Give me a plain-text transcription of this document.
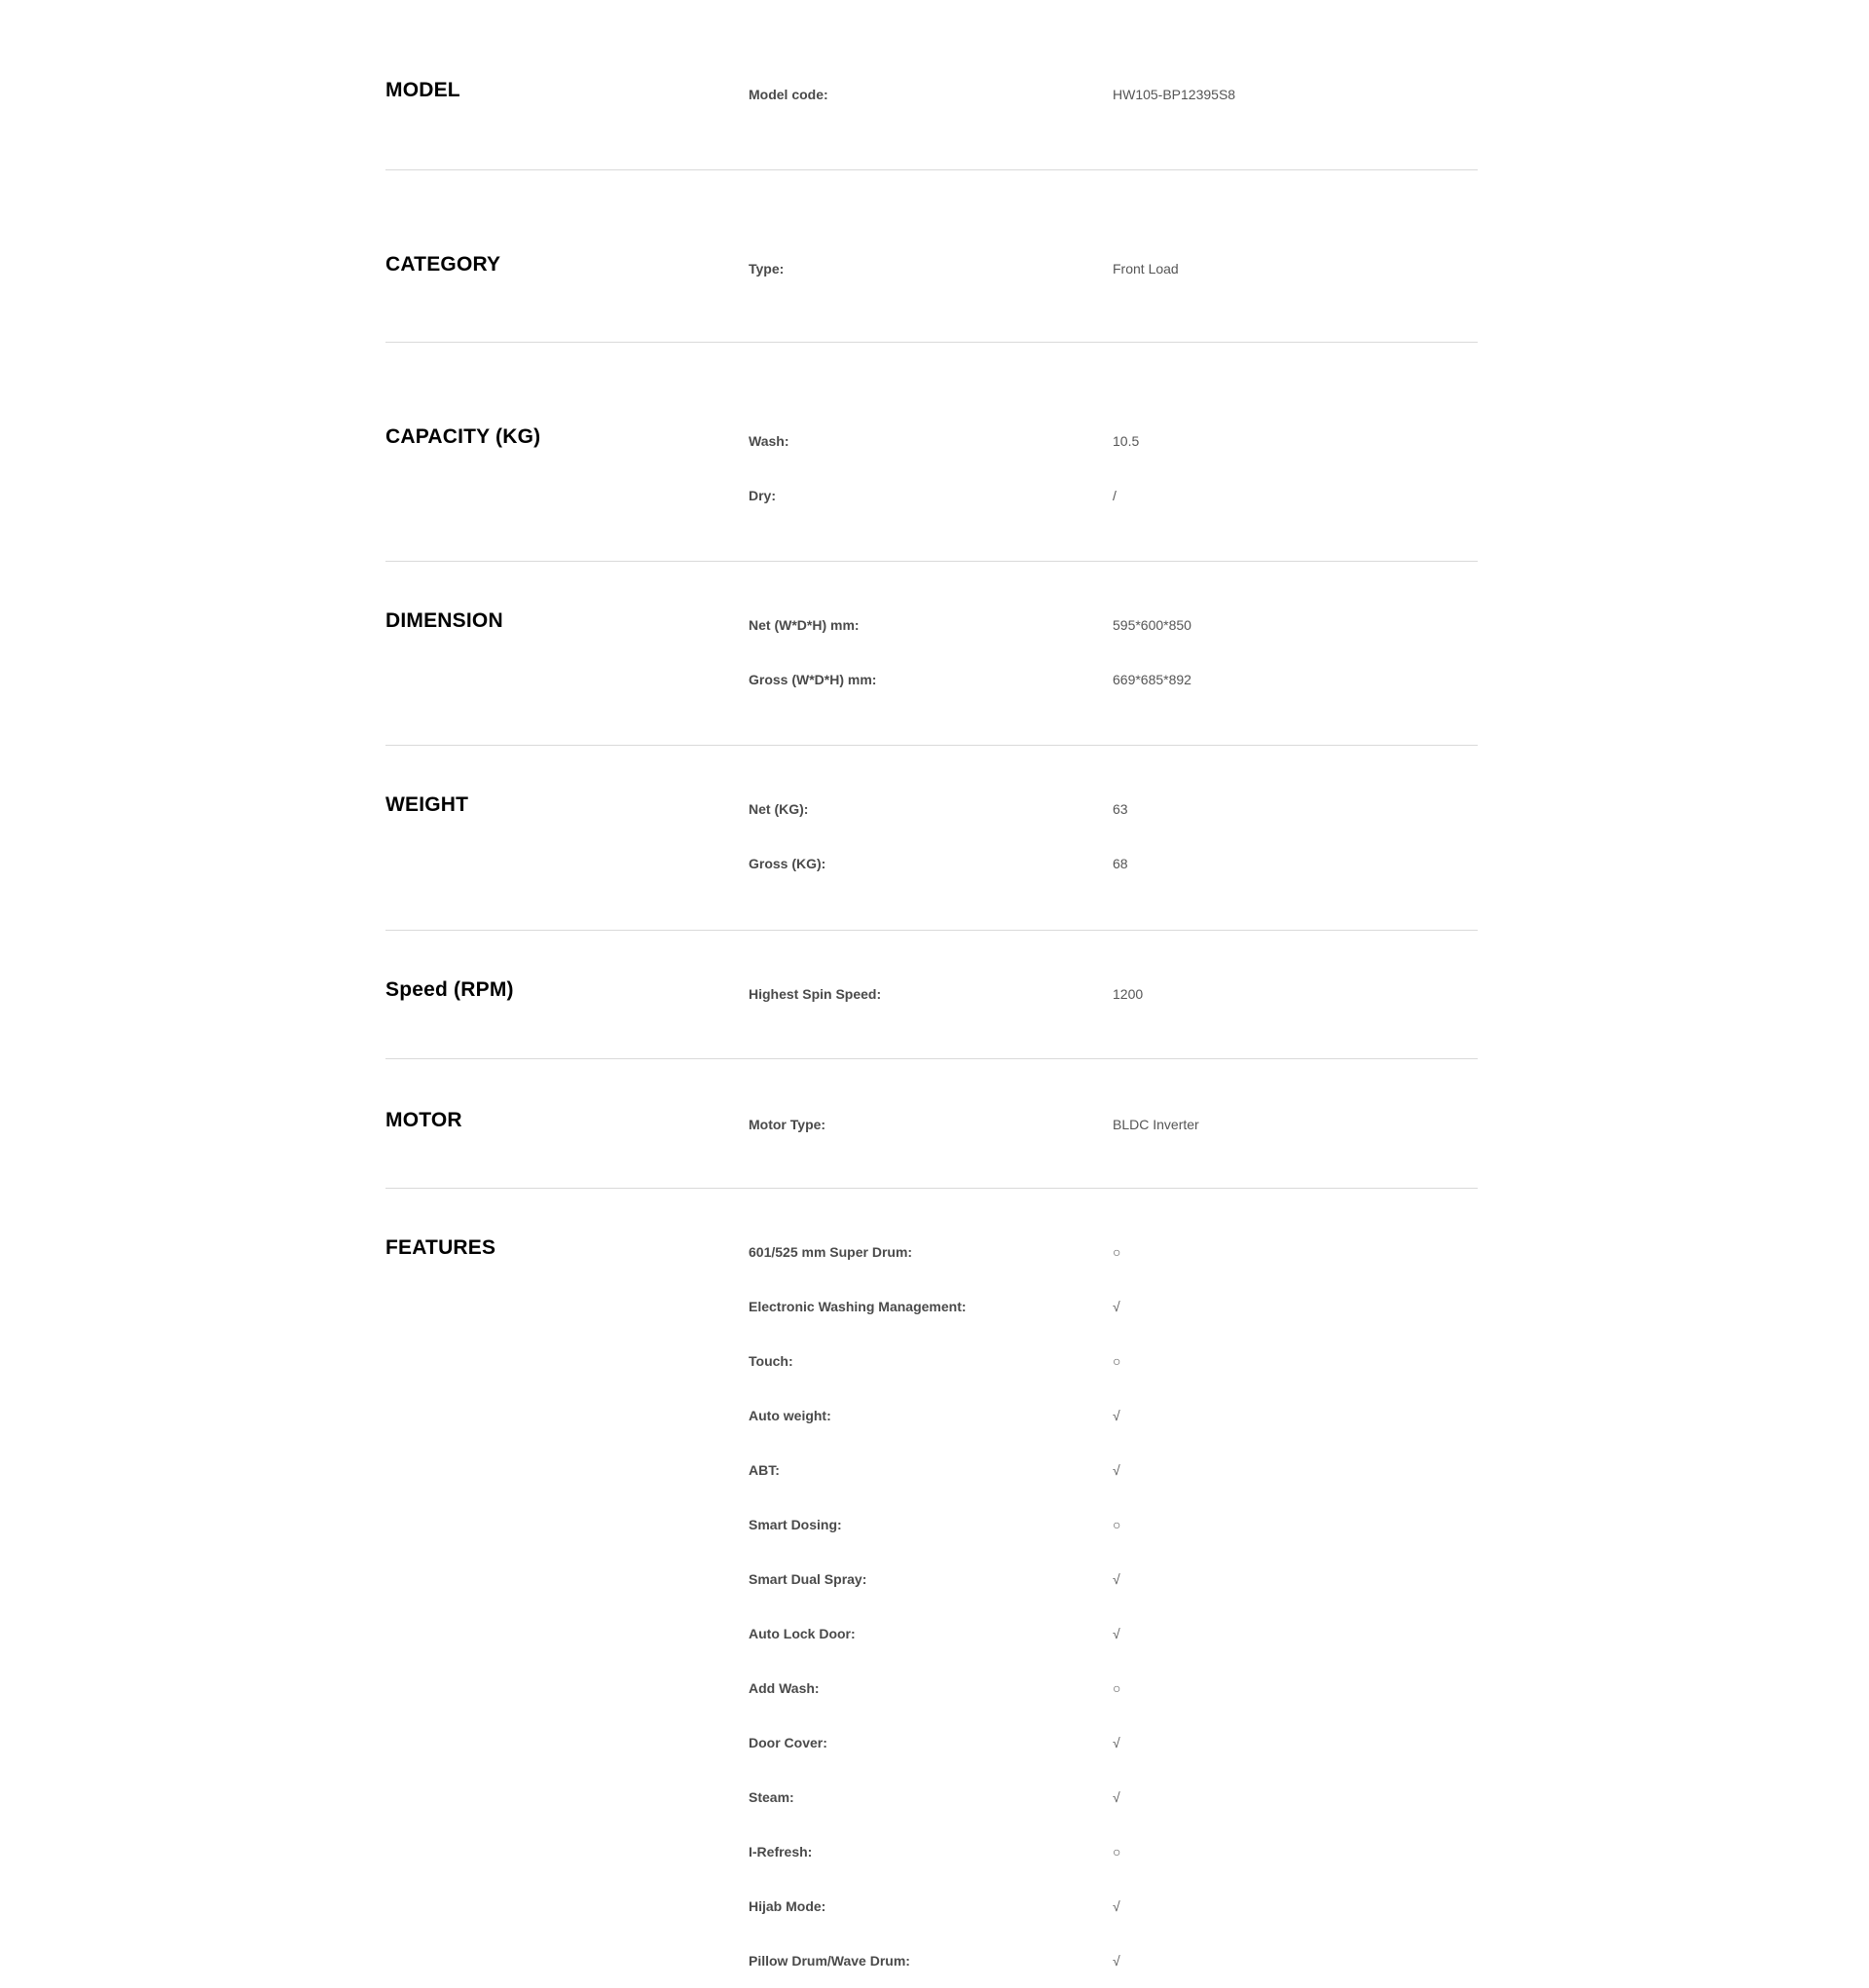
MODEL	Model code:	HW105-BP12395S8
CATEGORY	Type:	Front Load
CAPACITY (KG)	Wash:	10.5
Dry:	/
DIMENSION	Net (W*D*H) mm:	595*600*850
Gross (W*D*H) mm:	669*685*892
WEIGHT	Net (KG):	63
Gross (KG):	68
Speed (RPM)	Highest Spin Speed:	1200
MOTOR	Motor Type:	BLDC Inverter
FEATURES	601/525 mm Super Drum:	○
Electronic Washing Management:	√
Touch:	○
Auto weight:	√
ABT:	√
Smart Dosing:	○
Smart Dual Spray:	√
Auto Lock Door:	√
Add Wash:	○
Door Cover:	√
Steam:	√
I-Refresh:	○
Hijab Mode:	√
Pillow Drum/Wave Drum:	√
